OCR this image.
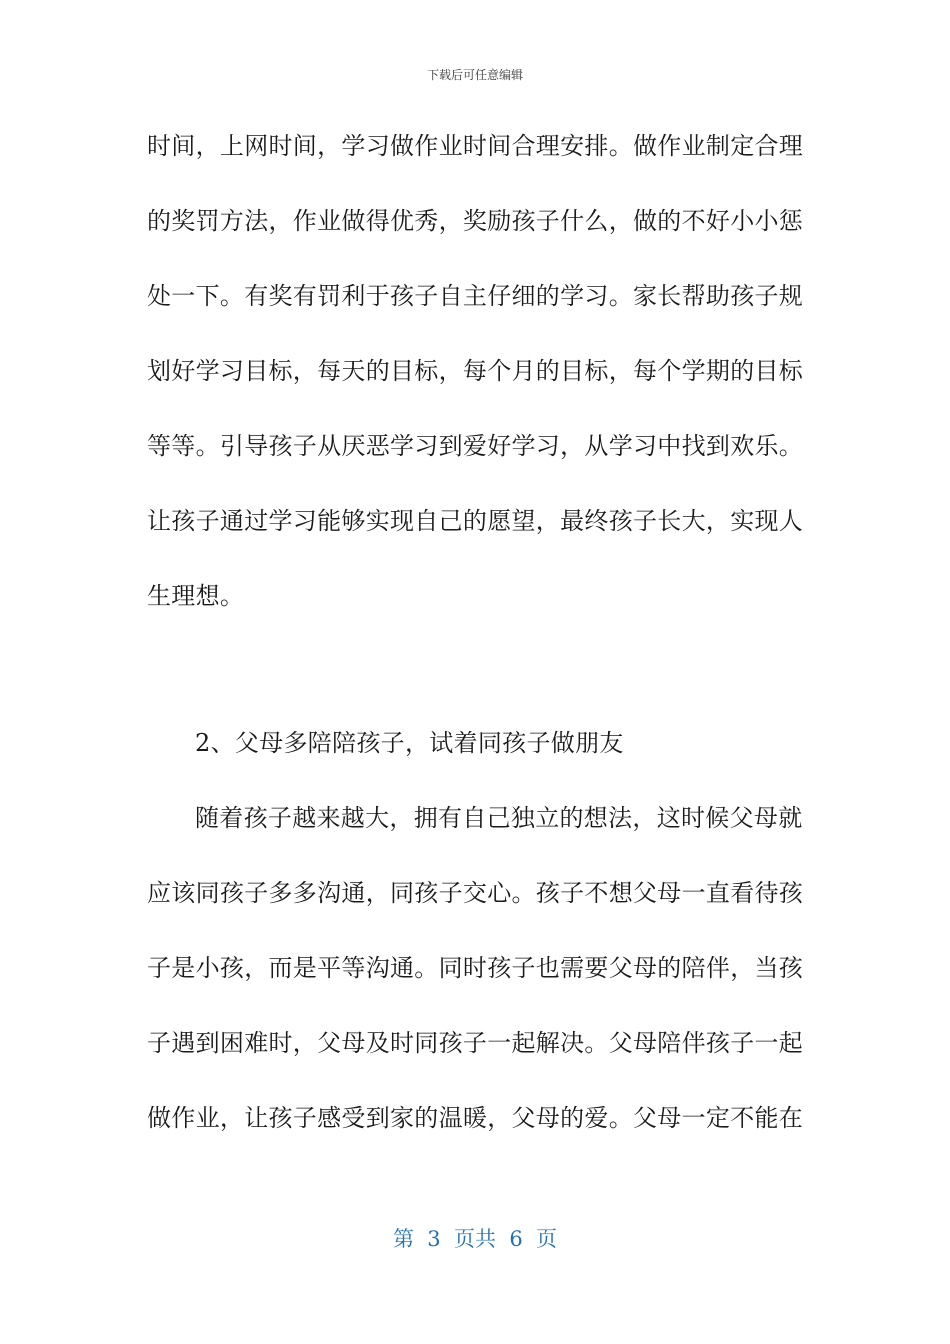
下载后可任意编辑
时间，上网时间，学习做作业时间合理安排。做作业制定合理
的奖罚方法，作业做得优秀，奖励孩子什么，做的不好小小惩
处一下。有奖有罚利于孩子自主仔细的学习。家长帮助孩子规
划好学习目标，每天的目标，每个月的目标，每个学期的目标
等等。引导孩子从厌恶学习到爱好学习，从学习中找到欢乐。
让孩子通过学习能够实现自己的愿望，最终孩子长大，实现人
生理想。
2、父母多陪陪孩子，试着同孩子做朋友
随着孩子越来越大，拥有自己独立的想法，这时候父母就
应该同孩子多多沟通，同孩子交心。孩子不想父母一直看待孩
子是小孩，而是平等沟通。同时孩子也需要父母的陪伴，当孩
子遇到困难时，父母及时同孩子一起解决。父母陪伴孩子一起
做作业，让孩子感受到家的温暖，父母的爱。父母一定不能在
第  3  页共  6  页
